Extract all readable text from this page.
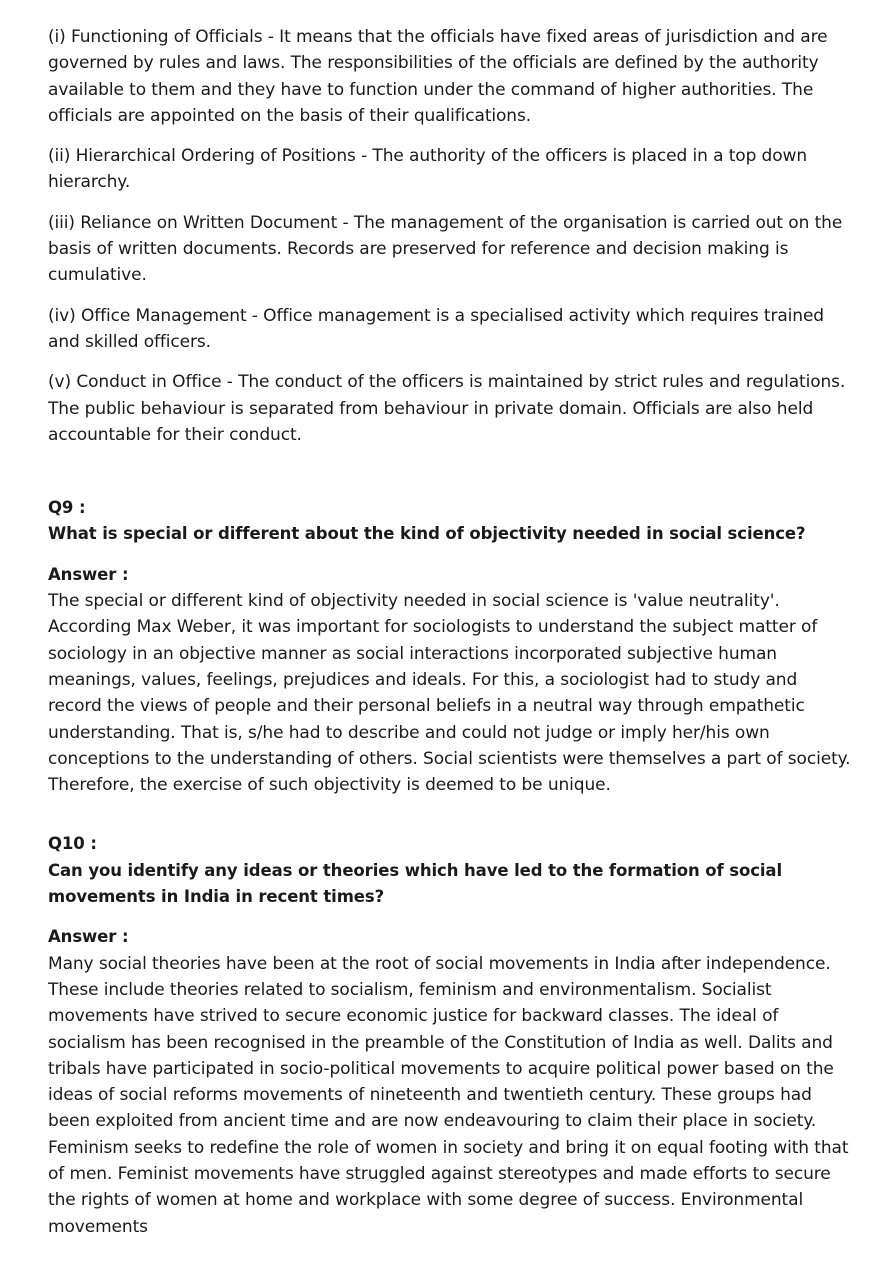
(i) Functioning of Officials - It means that the officials have fixed areas of jurisdiction and are governed by rules and laws. The responsibilities of the officials are defined by the authority available to them and they have to function under the command of higher authorities. The officials are appointed on the basis of their qualifications.

(ii) Hierarchical Ordering of Positions - The authority of the officers is placed in a top down hierarchy.

(iii) Reliance on Written Document - The management of the organisation is carried out on the basis of written documents. Records are preserved for reference and decision making is cumulative.

(iv) Office Management - Office management is a specialised activity which requires trained and skilled officers.

(v) Conduct in Office - The conduct of the officers is maintained by strict rules and regulations. The public behaviour is separated from behaviour in private domain. Officials are also held accountable for their conduct.

Q9 :

What is special or different about the kind of objectivity needed in social science?

Answer :

The special or different kind of objectivity needed in social science is 'value neutrality'. According Max Weber, it was important for sociologists to understand the subject matter of sociology in an objective manner as social interactions incorporated subjective human meanings, values, feelings, prejudices and ideals. For this, a sociologist had to study and record the views of people and their personal beliefs in a neutral way through empathetic understanding. That is, s/he had to describe and could not judge or imply her/his own conceptions to the understanding of others. Social scientists were themselves a part of society. Therefore, the exercise of such objectivity is deemed to be unique.

Q10 :

Can you identify any ideas or theories which have led to the formation of social movements in India in recent times?

Answer :

Many social theories have been at the root of social movements in India after independence. These include theories related to socialism, feminism and environmentalism. Socialist movements have strived to secure economic justice for backward classes. The ideal of socialism has been recognised in the preamble of the Constitution of India as well. Dalits and tribals have participated in socio-political movements to acquire political power based on the ideas of social reforms movements of nineteenth and twentieth century. These groups had been exploited from ancient time and are now endeavouring to claim their place in society. Feminism seeks to redefine the role of women in society and bring it on equal footing with that of men. Feminist movements have struggled against stereotypes and made efforts to secure the rights of women at home and workplace with some degree of success. Environmental movements
